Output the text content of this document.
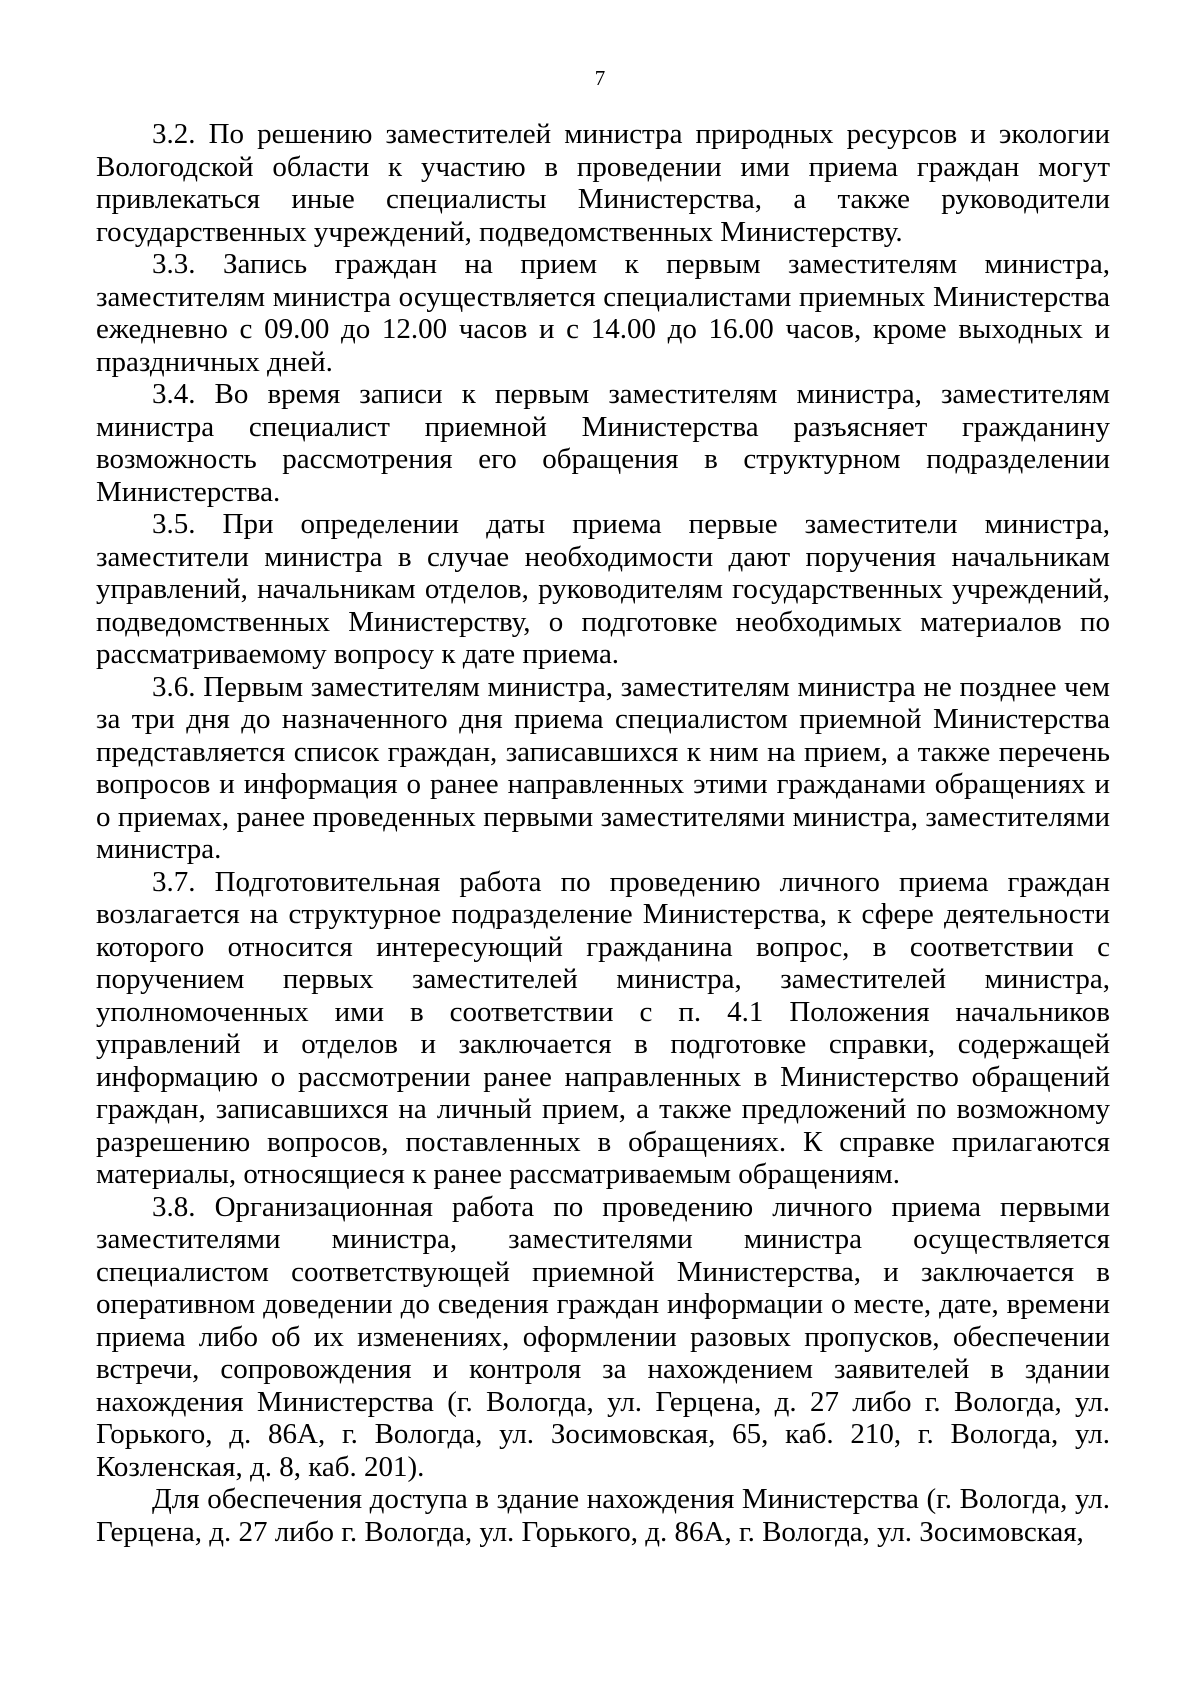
7

3.2. По решению заместителей министра природных ресурсов и экологии Вологодской области к участию в проведении ими приема граждан могут привлекаться иные специалисты Министерства, а также руководители государственных учреждений, подведомственных Министерству.

3.3. Запись граждан на прием к первым заместителям министра, заместителям министра осуществляется специалистами приемных Министерства ежедневно с 09.00 до 12.00 часов и с 14.00 до 16.00 часов, кроме выходных и праздничных дней.

3.4. Во время записи к первым заместителям министра, заместителям министра специалист приемной Министерства разъясняет гражданину возможность рассмотрения его обращения в структурном подразделении Министерства.

3.5. При определении даты приема первые заместители министра, заместители министра в случае необходимости дают поручения начальникам управлений, начальникам отделов, руководителям государственных учреждений, подведомственных Министерству, о подготовке необходимых материалов по рассматриваемому вопросу к дате приема.

3.6. Первым заместителям министра, заместителям министра не позднее чем за три дня до назначенного дня приема специалистом приемной Министерства представляется список граждан, записавшихся к ним на прием, а также перечень вопросов и информация о ранее направленных этими гражданами обращениях и о приемах, ранее проведенных первыми заместителями министра, заместителями министра.

3.7. Подготовительная работа по проведению личного приема граждан возлагается на структурное подразделение Министерства, к сфере деятельности которого относится интересующий гражданина вопрос, в соответствии с поручением первых заместителей министра, заместителей министра, уполномоченных ими в соответствии с п. 4.1 Положения начальников управлений и отделов и заключается в подготовке справки, содержащей информацию о рассмотрении ранее направленных в Министерство обращений граждан, записавшихся на личный прием, а также предложений по возможному разрешению вопросов, поставленных в обращениях. К справке прилагаются материалы, относящиеся к ранее рассматриваемым обращениям.

3.8. Организационная работа по проведению личного приема первыми заместителями министра, заместителями министра осуществляется специалистом соответствующей приемной Министерства, и заключается в оперативном доведении до сведения граждан информации о месте, дате, времени приема либо об их изменениях, оформлении разовых пропусков, обеспечении встречи, сопровождения и контроля за нахождением заявителей в здании нахождения Министерства (г. Вологда, ул. Герцена, д. 27 либо г. Вологда, ул. Горького, д. 86А, г. Вологда, ул. Зосимовская, 65, каб. 210, г. Вологда, ул. Козленская, д. 8, каб. 201).

Для обеспечения доступа в здание нахождения Министерства (г. Вологда, ул. Герцена, д. 27 либо г. Вологда, ул. Горького, д. 86А, г. Вологда, ул. Зосимовская,
